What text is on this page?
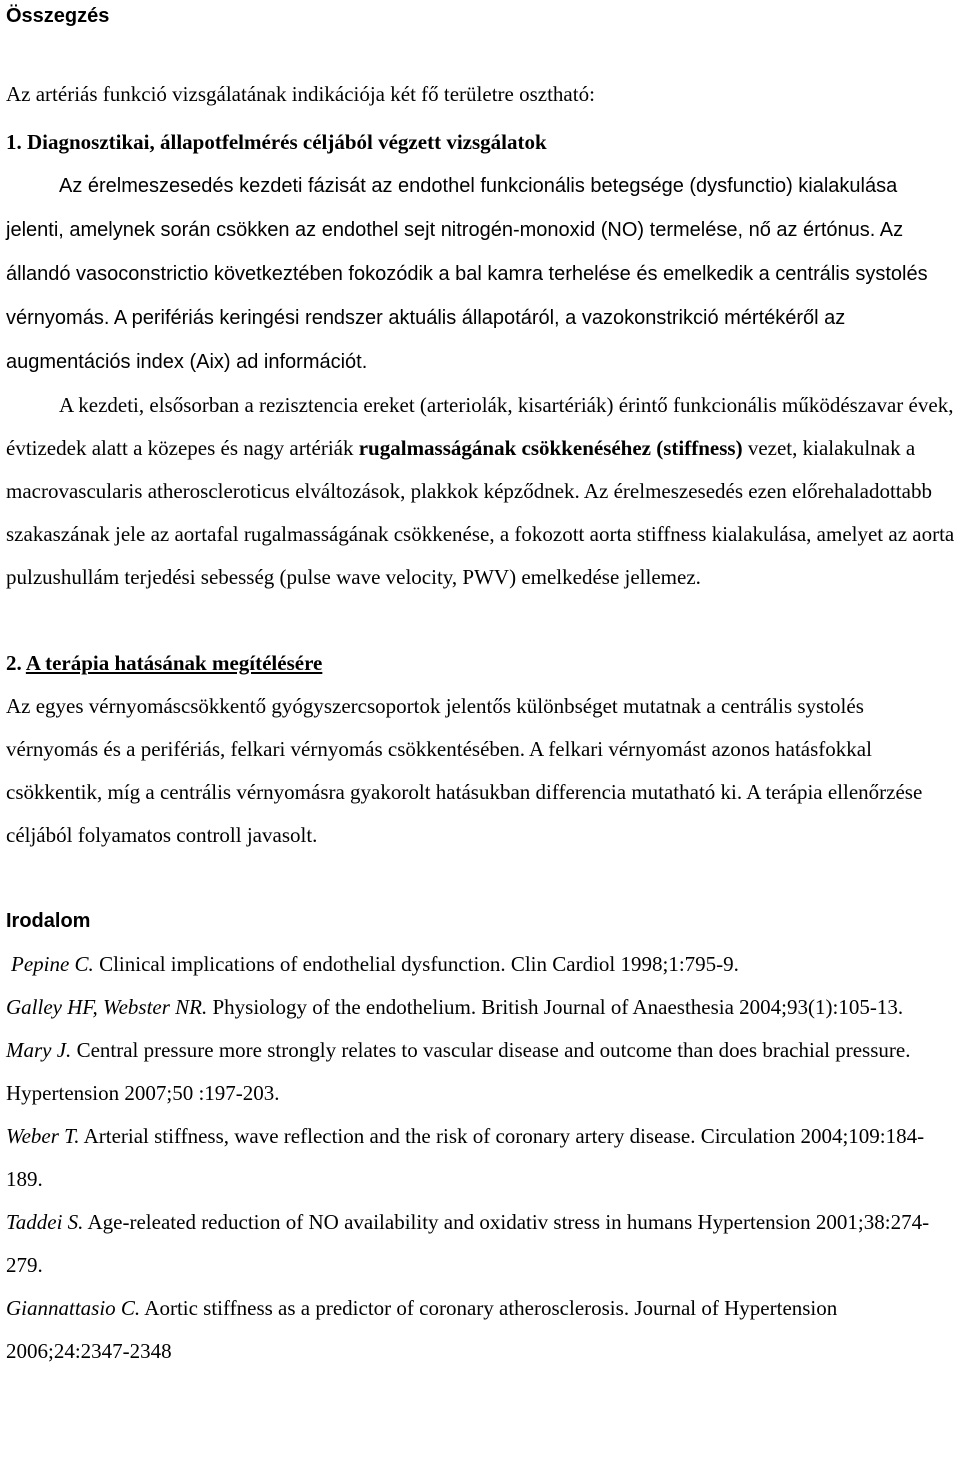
Összegzés

Az artériás funkció vizsgálatának indikációja két fő területre osztható:

1. Diagnosztikai, állapotfelmérés céljából végzett vizsgálatok

Az érelmeszesedés kezdeti fázisát az endothel funkcionális betegsége (dysfunctio) kialakulása jelenti, amelynek során csökken az endothel sejt nitrogén-monoxid (NO) termelése, nő az értónus. Az állandó vasoconstrictio következtében fokozódik a bal kamra terhelése és emelkedik a centrális systolés vérnyomás. A perifériás keringési rendszer aktuális állapotáról, a vazokonstrikció mértékéről az augmentációs index (Aix) ad információt.

A kezdeti, elsősorban a rezisztencia ereket (arteriolák, kisartériák) érintő funkcionális működészavar évek, évtizedek alatt a közepes és nagy artériák rugalmasságának csökkenéséhez (stiffness) vezet, kialakulnak a macrovascularis atheroscleroticus elváltozások, plakkok képződnek. Az érelmeszesedés ezen előrehaladottabb szakaszának jele az aortafal rugalmasságának csökkenése, a fokozott aorta stiffness kialakulása, amelyet az aorta pulzushullám terjedési sebesség (pulse wave velocity, PWV) emelkedése jellemez.

2. A terápia hatásának megítélésére

Az egyes vérnyomáscsökkentő gyógyszercsoportok jelentős különbséget mutatnak a centrális systolés vérnyomás és a perifériás, felkari vérnyomás csökkentésében. A felkari vérnyomást azonos hatásfokkal csökkentik, míg a centrális vérnyomásra gyakorolt hatásukban differencia mutatható ki. A terápia ellenőrzése céljából folyamatos controll javasolt.

Irodalom

Pepine C. Clinical implications of endothelial dysfunction. Clin Cardiol 1998;1:795-9.

Galley HF, Webster NR. Physiology of the endothelium. British Journal of Anaesthesia 2004;93(1):105-13.

Mary J. Central pressure more strongly relates to vascular disease and outcome than does brachial pressure. Hypertension 2007;50 :197-203.

Weber T. Arterial stiffness, wave reflection and the risk of coronary artery disease. Circulation 2004;109:184-189.

Taddei S. Age-releated reduction of NO availability and oxidativ stress in humans Hypertension 2001;38:274-279.

Giannattasio C. Aortic stiffness as a predictor of coronary atherosclerosis. Journal of Hypertension 2006;24:2347-2348
